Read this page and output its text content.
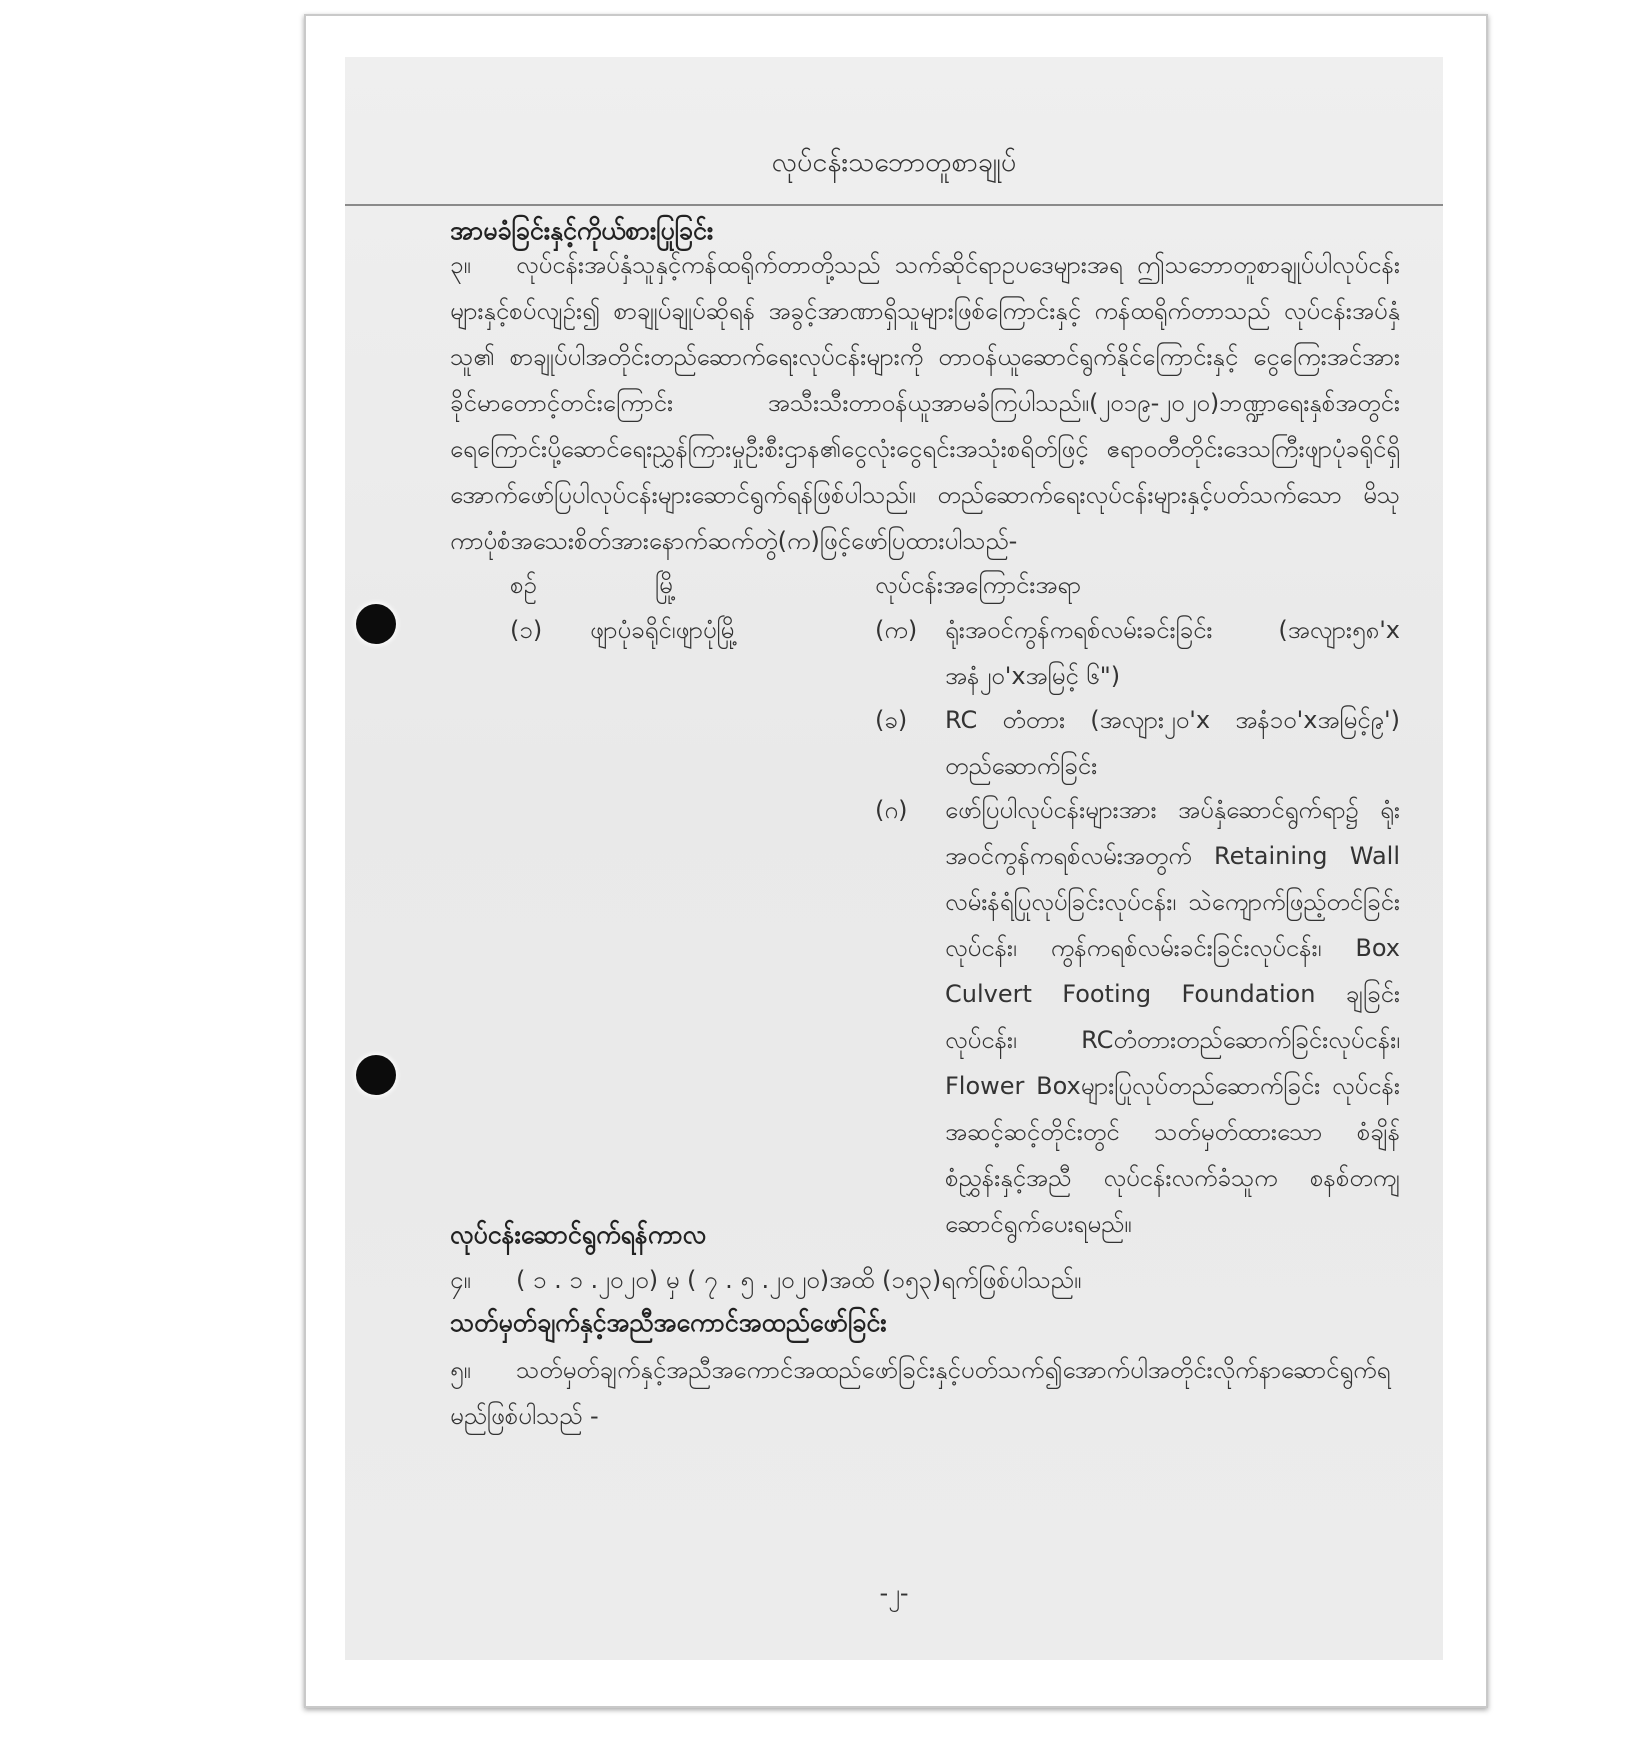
လုပ်ငန်းသဘောတူစာချုပ်
အာမခံခြင်းနှင့်ကိုယ်စားပြုခြင်း
၃။ လုပ်ငန်းအပ်နှံသူနှင့်ကန်ထရိုက်တာတို့သည် သက်ဆိုင်ရာဥပဒေများအရ ဤသဘောတူစာချုပ်ပါလုပ်ငန်းများနှင့်စပ်လျဉ်း၍ စာချုပ်ချုပ်ဆိုရန် အခွင့်အာဏာရှိသူများဖြစ်ကြောင်းနှင့် ကန်ထရိုက်တာသည် လုပ်ငန်းအပ်နှံသူ၏ စာချုပ်ပါအတိုင်းတည်ဆောက်ရေးလုပ်ငန်းများကို တာဝန်ယူဆောင်ရွက်နိုင်ကြောင်းနှင့် ငွေကြေးအင်အားခိုင်မာတောင့်တင်းကြောင်း အသီးသီးတာဝန်ယူအာမခံကြပါသည်။(၂၀၁၉-၂၀၂၀)ဘဏ္ဍာရေးနှစ်အတွင်း ရေကြောင်းပို့ဆောင်ရေးညွှန်ကြားမှုဦးစီးဌာန၏ငွေလုံးငွေရင်းအသုံးစရိတ်ဖြင့် ဧရာဝတီတိုင်းဒေသကြီးဖျာပုံခရိုင်ရှိအောက်ဖော်ပြပါလုပ်ငန်းများဆောင်ရွက်ရန်ဖြစ်ပါသည်။ တည်ဆောက်ရေးလုပ်ငန်းများနှင့်ပတ်သက်သော မိသုကာပုံစံအသေးစိတ်အားနောက်ဆက်တွဲ(က)ဖြင့်ဖော်ပြထားပါသည်-
စဉ်	မြို့	လုပ်ငန်းအကြောင်းအရာ
(၁) ဖျာပုံခရိုင်၊ဖျာပုံမြို့	(က) ရုံးအဝင်ကွန်ကရစ်လမ်းခင်းခြင်း (အလျား၅၈'x အနံ၂၀'xအမြင့် ၆")
(ခ) RC တံတား (အလျား၂၀'x အနံ၁၀'xအမြင့်၉') တည်ဆောက်ခြင်း
(ဂ) ဖော်ပြပါလုပ်ငန်းများအား အပ်နှံဆောင်ရွက်ရာ၌ ရုံးအဝင်ကွန်ကရစ်လမ်းအတွက် Retaining Wall လမ်းနံရံပြုလုပ်ခြင်းလုပ်ငန်း၊ သဲကျောက်ဖြည့်တင်ခြင်းလုပ်ငန်း၊ ကွန်ကရစ်လမ်းခင်းခြင်းလုပ်ငန်း၊ Box Culvert Footing Foundation ချခြင်းလုပ်ငန်း၊ RCတံတားတည်ဆောက်ခြင်းလုပ်ငန်း၊ Flower Boxများပြုလုပ်တည်ဆောက်ခြင်း လုပ်ငန်းအဆင့်ဆင့်တိုင်းတွင် သတ်မှတ်ထားသော စံချိန်စံညွှန်းနှင့်အညီ လုပ်ငန်းလက်ခံသူက စနစ်တကျဆောင်ရွက်ပေးရမည်။
လုပ်ငန်းဆောင်ရွက်ရန်ကာလ
၄။ ( ၁ . ၁ .၂၀၂၀) မှ ( ၇ . ၅ .၂၀၂၀)အထိ (၁၅၃)ရက်ဖြစ်ပါသည်။
သတ်မှတ်ချက်နှင့်အညီအကောင်အထည်ဖော်ခြင်း
၅။ သတ်မှတ်ချက်နှင့်အညီအကောင်အထည်ဖော်ခြင်းနှင့်ပတ်သက်၍အောက်ပါအတိုင်းလိုက်နာဆောင်ရွက်ရမည်ဖြစ်ပါသည် -
-၂-
